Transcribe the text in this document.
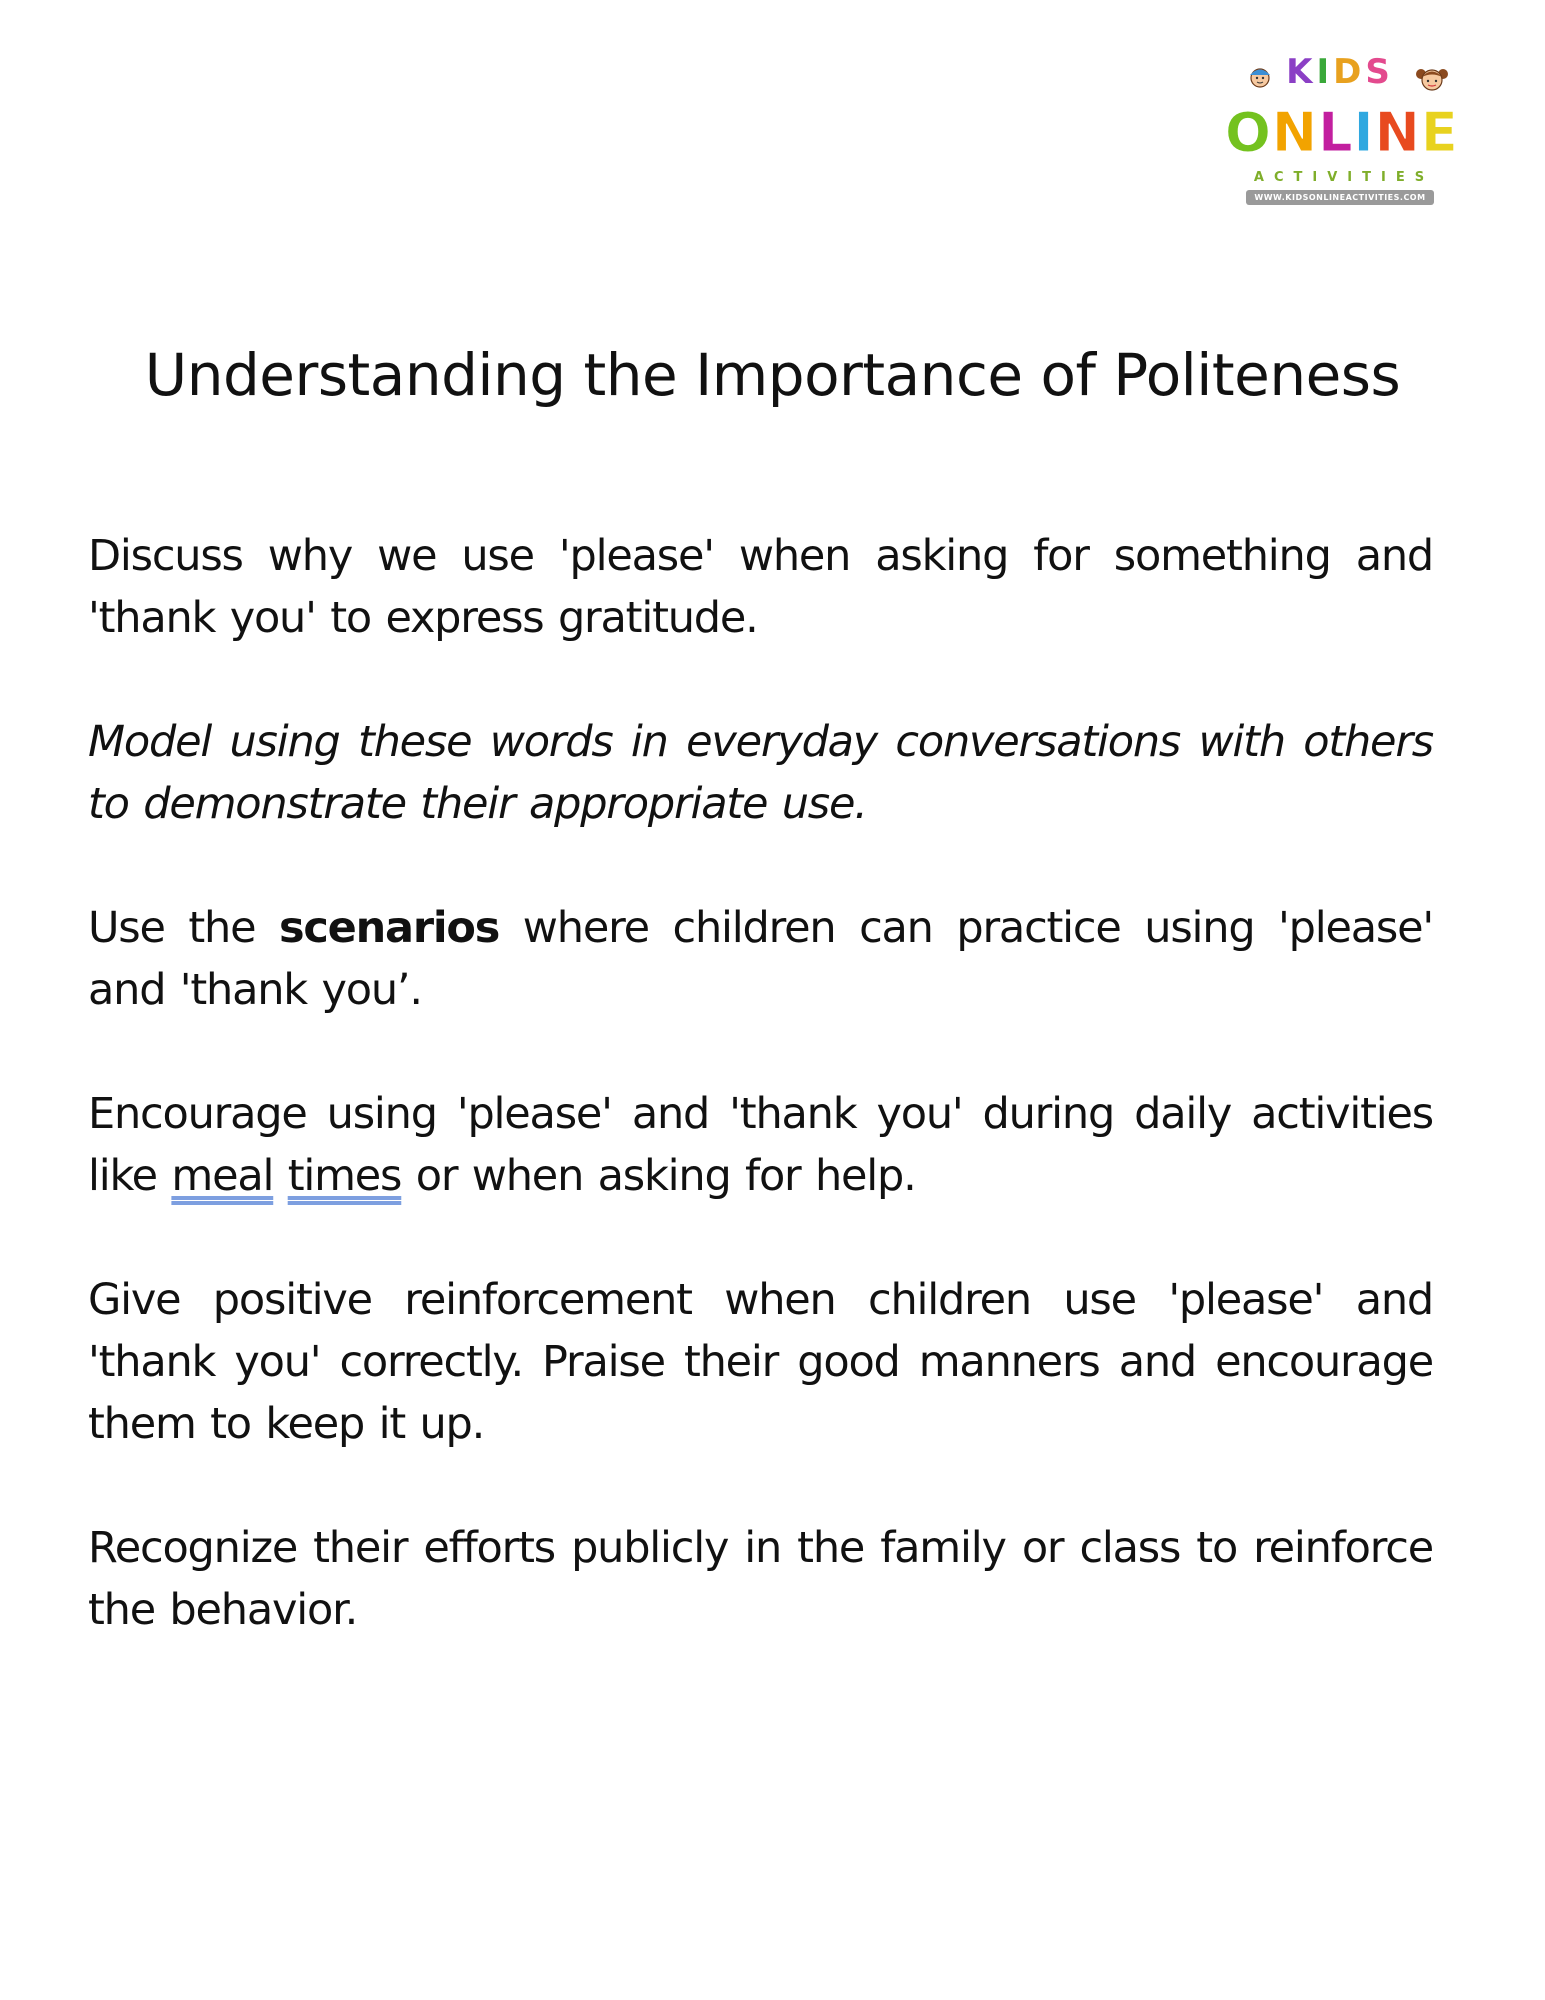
KIDS
ONLINE
ACTIVITIES
WWW.KIDSONLINEACTIVITIES.COM
Understanding the Importance of Politeness

Discuss why we use 'please' when asking for something and 'thank you' to express gratitude.

Model using these words in everyday conversations with others to demonstrate their appropriate use.

Use the scenarios where children can practice using 'please' and 'thank you’.

Encourage using 'please' and 'thank you' during daily activities like meal times or when asking for help.

Give positive reinforcement when children use 'please' and 'thank you' correctly. Praise their good manners and encourage them to keep it up.

Recognize their efforts publicly in the family or class to reinforce the behavior.
